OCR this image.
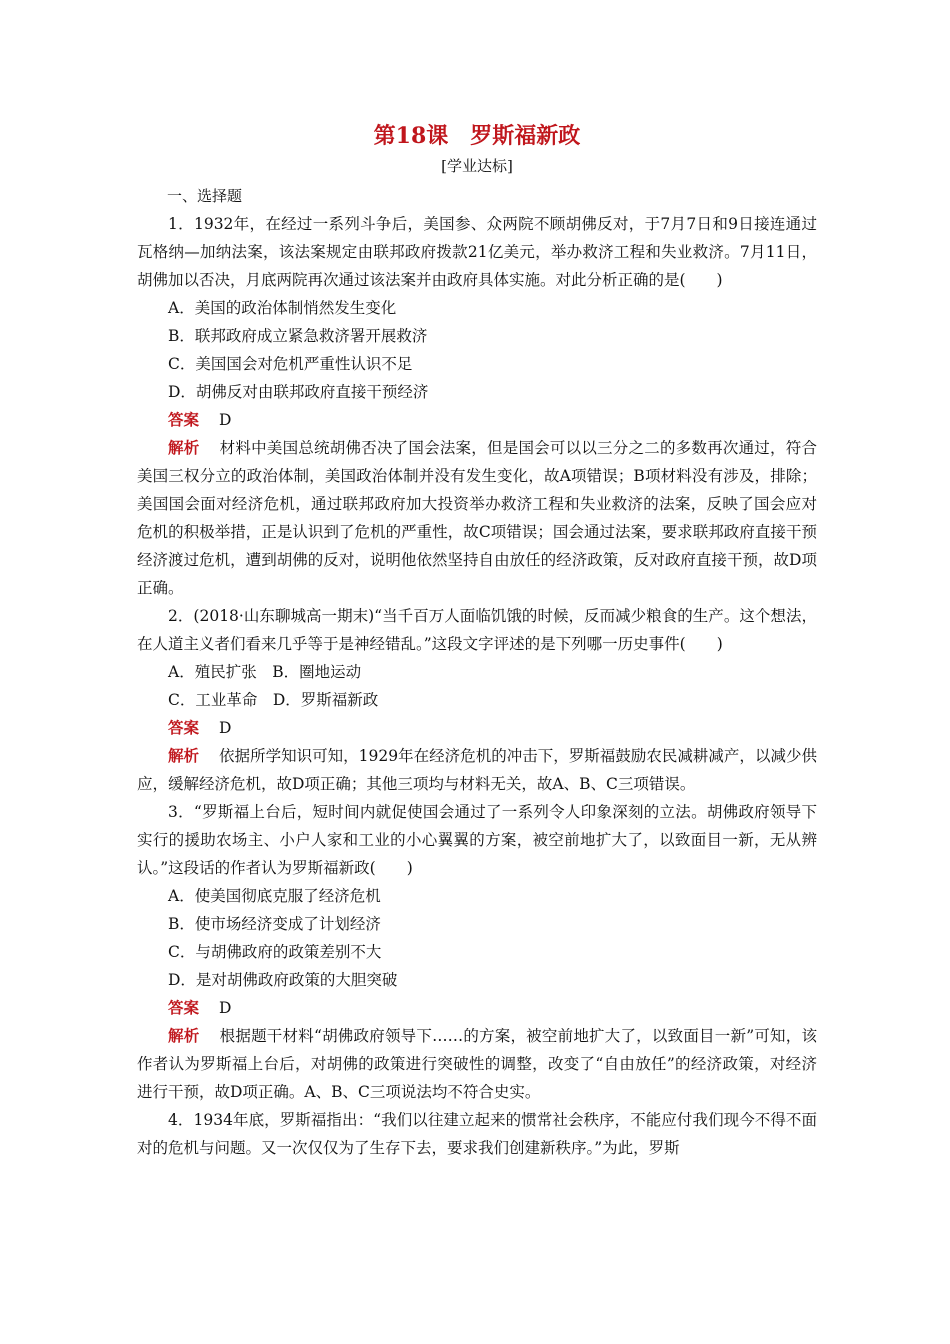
第18课 罗斯福新政

[学业达标]

一、选择题

1．1932年，在经过一系列斗争后，美国参、众两院不顾胡佛反对，于7月7日和9日接连通过瓦格纳—加纳法案，该法案规定由联邦政府拨款21亿美元，举办救济工程和失业救济。7月11日，胡佛加以否决，月底两院再次通过该法案并由政府具体实施。对此分析正确的是(　　)

A．美国的政治体制悄然发生变化

B．联邦政府成立紧急救济署开展救济

C．美国国会对危机严重性认识不足

D．胡佛反对由联邦政府直接干预经济

答案 D

解析 材料中美国总统胡佛否决了国会法案，但是国会可以以三分之二的多数再次通过，符合美国三权分立的政治体制，美国政治体制并没有发生变化，故A项错误；B项材料没有涉及，排除；美国国会面对经济危机，通过联邦政府加大投资举办救济工程和失业救济的法案，反映了国会应对危机的积极举措，正是认识到了危机的严重性，故C项错误；国会通过法案，要求联邦政府直接干预经济渡过危机，遭到胡佛的反对，说明他依然坚持自由放任的经济政策，反对政府直接干预，故D项正确。

2．(2018·山东聊城高一期末)“当千百万人面临饥饿的时候，反而减少粮食的生产。这个想法，在人道主义者们看来几乎等于是神经错乱。”这段文字评述的是下列哪一历史事件(　　)

A．殖民扩张　B．圈地运动

C．工业革命　D．罗斯福新政

答案 D

解析 依据所学知识可知，1929年在经济危机的冲击下，罗斯福鼓励农民减耕减产，以减少供应，缓解经济危机，故D项正确；其他三项均与材料无关，故A、B、C三项错误。

3．“罗斯福上台后，短时间内就促使国会通过了一系列令人印象深刻的立法。胡佛政府领导下实行的援助农场主、小户人家和工业的小心翼翼的方案，被空前地扩大了，以致面目一新，无从辨认。”这段话的作者认为罗斯福新政(　　)

A．使美国彻底克服了经济危机

B．使市场经济变成了计划经济

C．与胡佛政府的政策差别不大

D．是对胡佛政府政策的大胆突破

答案 D

解析 根据题干材料“胡佛政府领导下……的方案，被空前地扩大了，以致面目一新”可知，该作者认为罗斯福上台后，对胡佛的政策进行突破性的调整，改变了“自由放任”的经济政策，对经济进行干预，故D项正确。A、B、C三项说法均不符合史实。

4．1934年底，罗斯福指出：“我们以往建立起来的惯常社会秩序，不能应付我们现今不得不面对的危机与问题。又一次仅仅为了生存下去，要求我们创建新秩序。”为此，罗斯
